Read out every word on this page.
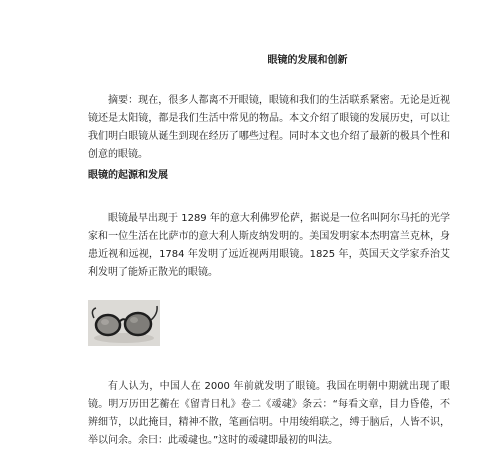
眼镜的发展和创新

摘要：现在，很多人都离不开眼镜，眼镜和我们的生活联系紧密。无论是近视镜还是太阳镜，都是我们生活中常见的物品。本文介绍了眼镜的发展历史，可以让我们明白眼镜从诞生到现在经历了哪些过程。同时本文也介绍了最新的极具个性和创意的眼镜。

眼镜的起源和发展

眼镜最早出现于 1289 年的意大利佛罗伦萨，据说是一位名叫阿尔马托的光学家和一位生活在比萨市的意大利人斯皮纳发明的。美国发明家本杰明富兰克林，身患近视和远视，1784 年发明了远近视两用眼镜。1825 年，英国天文学家乔治艾利发明了能矫正散光的眼镜。

有人认为，中国人在 2000 年前就发明了眼镜。我国在明朝中期就出现了眼镜。明万历田艺蘅在《留青日札》卷二《叆叇》条云：“每看文章，目力昏倦，不辨细节，以此掩目，精神不散，笔画信明。中用绫绢联之，缚于脑后，人皆不识，举以问余。余曰：此叆叇也。”这时的叆叇即最初的叫法。
